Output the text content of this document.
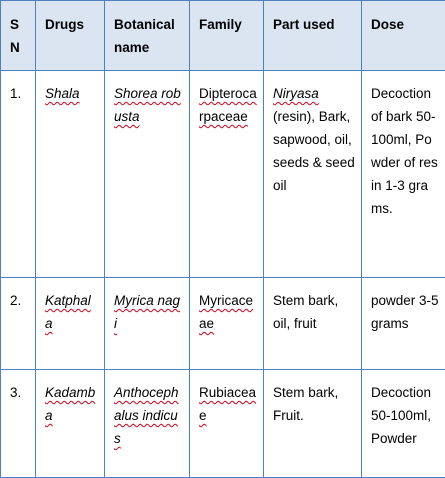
S N	Drugs	Botanical name	Family	Part used	Dose
1.	Shala	Shorea robusta	Dipterocarpaceae	Niryasa (resin), Bark, sapwood, oil, seeds & seed oil	Decoction of bark 50-100ml, Powder of resin 1-3 grams.
2.	Katphala	Myrica nagi	Myricaceae	Stem bark, oil, fruit	powder 3-5 grams
3.	Kadamba	Anthocephalus indicus	Rubiaceae	Stem bark, Fruit.	Decoction 50-100ml, Powder
